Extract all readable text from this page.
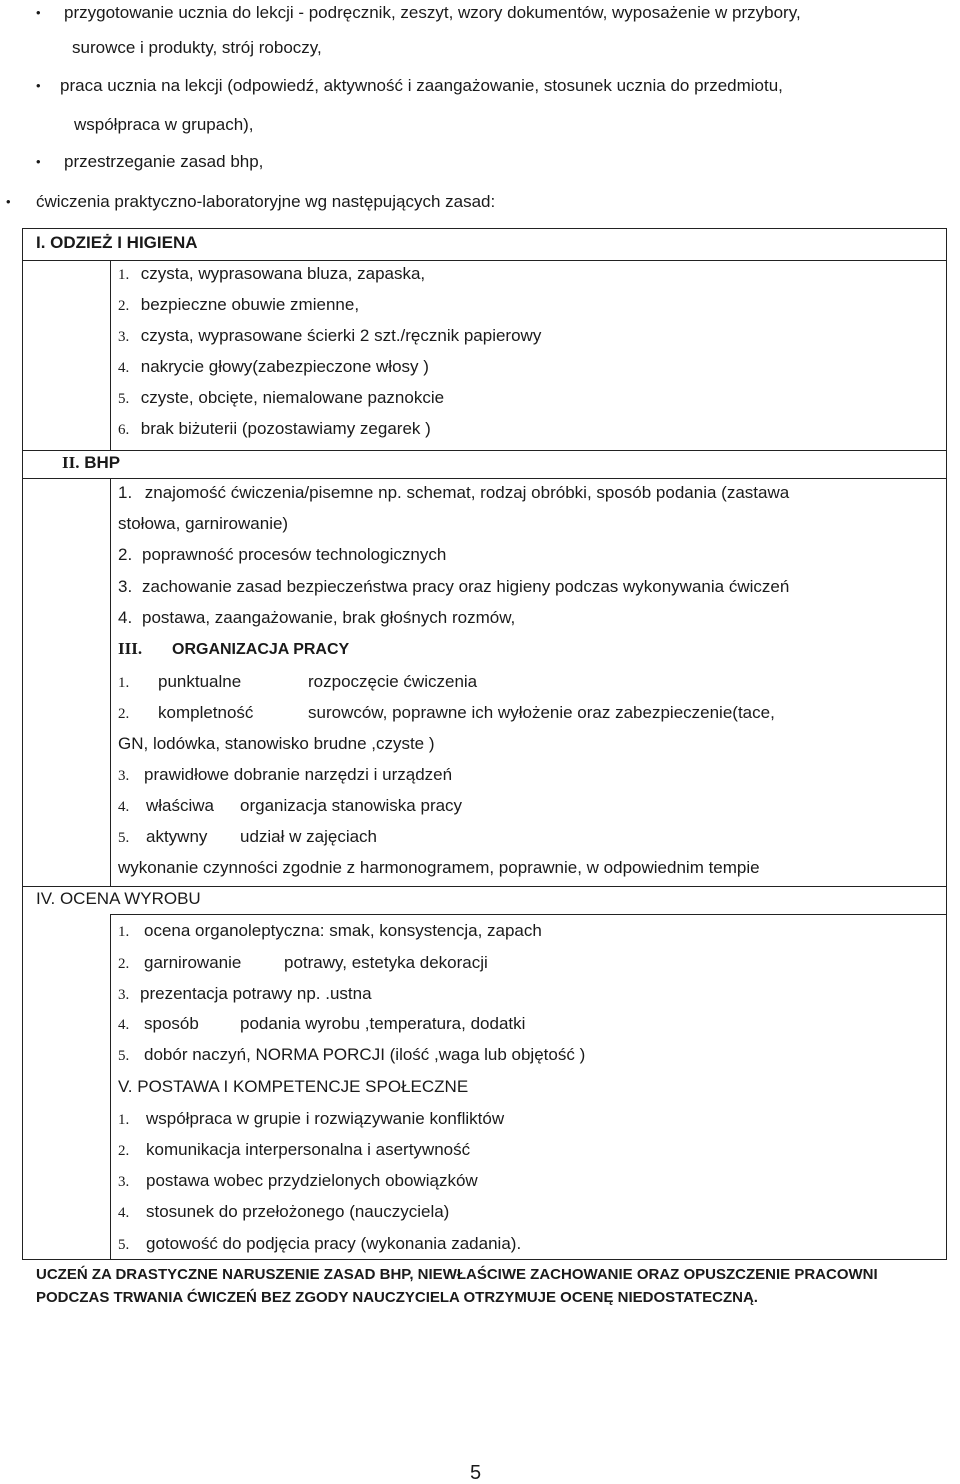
• przygotowanie ucznia do lekcji - podręcznik, zeszyt, wzory dokumentów, wyposażenie w przybory,
surowce i produkty, strój roboczy,
• praca ucznia na lekcji (odpowiedź, aktywność i zaangażowanie, stosunek ucznia do przedmiotu,
współpraca w grupach),
• przestrzeganie zasad bhp,
• ćwiczenia praktyczno-laboratoryjne wg następujących zasad:
I. ODZIEŻ I HIGIENA
1. czysta, wyprasowana bluza, zapaska,
2. bezpieczne obuwie zmienne,
3. czysta, wyprasowane ścierki 2 szt./ręcznik papierowy
4. nakrycie głowy(zabezpieczone włosy )
5. czyste, obcięte, niemalowane paznokcie
6. brak biżuterii (pozostawiamy zegarek )
II. BHP
1. znajomość ćwiczenia/pisemne np. schemat, rodzaj obróbki, sposób podania (zastawa
stołowa, garnirowanie)
2. poprawność procesów technologicznych
3. zachowanie zasad bezpieczeństwa pracy oraz higieny podczas wykonywania ćwiczeń
4. postawa, zaangażowanie, brak głośnych rozmów,
III. ORGANIZACJA PRACY
1. punktualne	rozpoczęcie ćwiczenia
2. kompletność	surowców, poprawne ich wyłożenie oraz zabezpieczenie(tace,
GN, lodówka, stanowisko brudne ,czyste )
3. prawidłowe dobranie narzędzi i urządzeń
4. właściwa organizacja stanowiska pracy
5. aktywny udział w zajęciach
wykonanie czynności zgodnie z harmonogramem, poprawnie, w odpowiednim tempie
IV. OCENA WYROBU
1. ocena organoleptyczna: smak, konsystencja, zapach
2. garnirowanie	potrawy, estetyka dekoracji
3. prezentacja potrawy np. .ustna
4. sposób podania wyrobu ,temperatura, dodatki
5. dobór naczyń, NORMA PORCJI (ilość ,waga lub objętość )
V. POSTAWA I KOMPETENCJE SPOŁECZNE
1. współpraca w grupie i rozwiązywanie konfliktów
2. komunikacja interpersonalna i asertywność
3. postawa wobec przydzielonych obowiązków
4. stosunek do przełożonego (nauczyciela)
5. gotowość do podjęcia pracy (wykonania zadania).
UCZEŃ ZA DRASTYCZNE NARUSZENIE ZASAD BHP, NIEWŁAŚCIWE ZACHOWANIE ORAZ OPUSZCZENIE PRACOWNI
PODCZAS TRWANIA ĆWICZEŃ BEZ ZGODY NAUCZYCIELA OTRZYMUJE OCENĘ NIEDOSTATECZNĄ.
5
